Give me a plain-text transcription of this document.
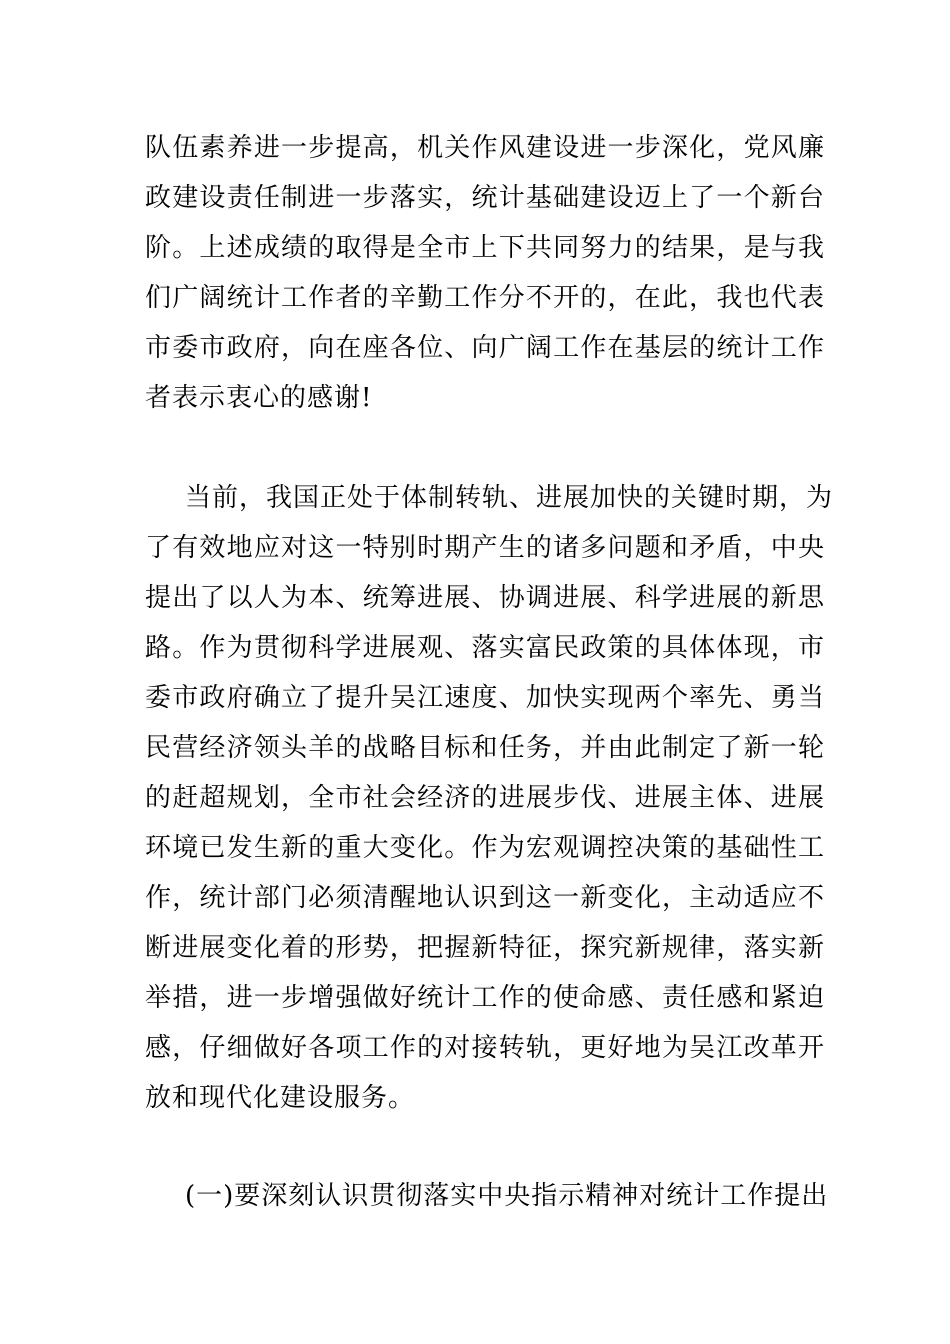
队伍素养进一步提高，机关作风建设进一步深化，党风廉
政建设责任制进一步落实，统计基础建设迈上了一个新台
阶。上述成绩的取得是全市上下共同努力的结果，是与我
们广阔统计工作者的辛勤工作分不开的，在此，我也代表
市委市政府，向在座各位、向广阔工作在基层的统计工作
者表示衷心的感谢!
当前，我国正处于体制转轨、进展加快的关键时期，为
了有效地应对这一特别时期产生的诸多问题和矛盾，中央
提出了以人为本、统筹进展、协调进展、科学进展的新思
路。作为贯彻科学进展观、落实富民政策的具体体现，市
委市政府确立了提升吴江速度、加快实现两个率先、勇当
民营经济领头羊的战略目标和任务，并由此制定了新一轮
的赶超规划，全市社会经济的进展步伐、进展主体、进展
环境已发生新的重大变化。作为宏观调控决策的基础性工
作，统计部门必须清醒地认识到这一新变化，主动适应不
断进展变化着的形势，把握新特征，探究新规律，落实新
举措，进一步增强做好统计工作的使命感、责任感和紧迫
感，仔细做好各项工作的对接转轨，更好地为吴江改革开
放和现代化建设服务。
(一)要深刻认识贯彻落实中央指示精神对统计工作提出
